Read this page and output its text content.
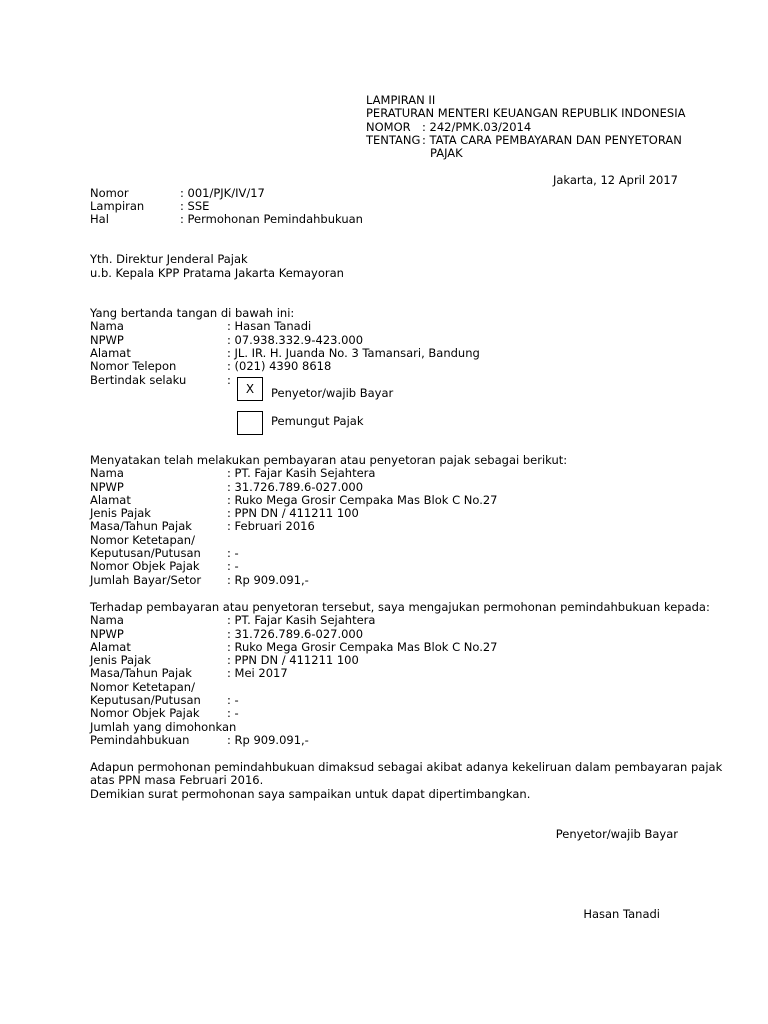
LAMPIRAN II
PERATURAN MENTERI KEUANGAN REPUBLIK INDONESIA
NOMOR : 242/PMK.03/2014
TENTANG : TATA CARA PEMBAYARAN DAN PENYETORAN
PAJAK
Jakarta, 12 April 2017
Nomor	: 001/PJK/IV/17
Lampiran	: SSE
Hal	: Permohonan Pemindahbukuan
Yth. Direktur Jenderal Pajak
u.b. Kepala KPP Pratama Jakarta Kemayoran
Yang bertanda tangan di bawah ini:
Nama	: Hasan Tanadi
NPWP	: 07.938.332.9-423.000
Alamat	: JL. IR. H. Juanda No. 3 Tamansari, Bandung
Nomor Telepon	: (021) 4390 8618
Bertindak selaku	:
X	Penyetor/wajib Bayar
Pemungut Pajak
Menyatakan telah melakukan pembayaran atau penyetoran pajak sebagai berikut:
Nama	: PT. Fajar Kasih Sejahtera
NPWP	: 31.726.789.6-027.000
Alamat	: Ruko Mega Grosir Cempaka Mas Blok C No.27
Jenis Pajak	: PPN DN / 411211 100
Masa/Tahun Pajak	: Februari 2016
Nomor Ketetapan/
Keputusan/Putusan : -
Nomor Objek Pajak : -
Jumlah Bayar/Setor : Rp 909.091,-
Terhadap pembayaran atau penyetoran tersebut, saya mengajukan permohonan pemindahbukuan kepada:
Nama	: PT. Fajar Kasih Sejahtera
NPWP	: 31.726.789.6-027.000
Alamat	: Ruko Mega Grosir Cempaka Mas Blok C No.27
Jenis Pajak	: PPN DN / 411211 100
Masa/Tahun Pajak	: Mei 2017
Nomor Ketetapan/
Keputusan/Putusan : -
Nomor Objek Pajak : -
Jumlah yang dimohonkan
Pemindahbukuan	: Rp 909.091,-
Adapun permohonan pemindahbukuan dimaksud sebagai akibat adanya kekeliruan dalam pembayaran pajak
atas PPN masa Februari 2016.
Demikian surat permohonan saya sampaikan untuk dapat dipertimbangkan.
Penyetor/wajib Bayar
Hasan Tanadi
